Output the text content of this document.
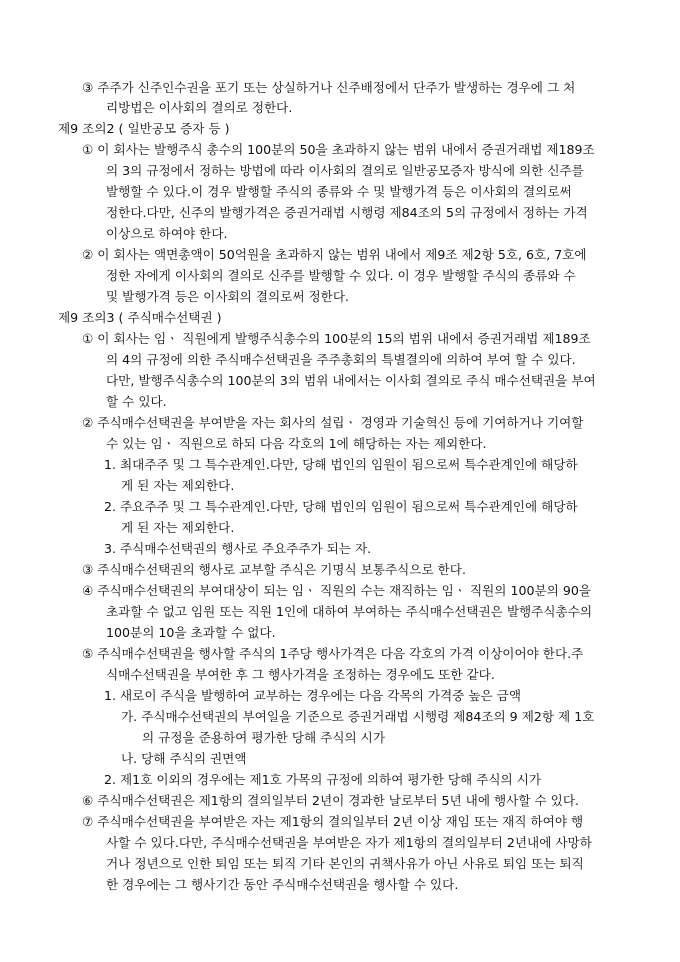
③ 주주가 신주인수권을 포기 또는 상실하거나 신주배정에서 단주가 발생하는 경우에 그 처
리방법은 이사회의 결의로 정한다.
제9 조의2 ( 일반공모 증자 등 )
① 이 회사는 발행주식 총수의 100분의 50을 초과하지 않는 범위 내에서 증권거래법 제189조
의 3의 규정에서 정하는 방법에 따라 이사회의 결의로 일반공모증자 방식에 의한 신주를
발행할 수 있다.이 경우 발행할 주식의 종류와 수 및 발행가격 등은 이사회의 결의로써
정한다.다만, 신주의 발행가격은 증권거래법 시행령 제84조의 5의 규정에서 정하는 가격
이상으로 하여야 한다.
② 이 회사는 액면총액이 50억원을 초과하지 않는 범위 내에서 제9조 제2항 5호, 6호, 7호에
정한 자에게 이사회의 결의로 신주를 발행할 수 있다. 이 경우 발행할 주식의 종류와 수
및 발행가격 등은 이사회의 결의로써 정한다.
제9 조의3 ( 주식매수선택권 )
① 이 회사는 임ㆍ 직원에게 발행주식총수의 100분의 15의 범위 내에서 증권거래법 제189조
의 4의 규정에 의한 주식매수선택권을 주주총회의 특별결의에 의하여 부여 할 수 있다.
다만, 발행주식총수의 100분의 3의 범위 내에서는 이사회 결의로 주식 매수선택권을 부여
할 수 있다.
② 주식매수선택권을 부여받을 자는 회사의 설립ㆍ 경영과 기술혁신 등에 기여하거나 기여할
수 있는 임ㆍ 직원으로 하되 다음 각호의 1에 해당하는 자는 제외한다.
1. 최대주주 및 그 특수관계인.다만, 당해 법인의 임원이 됨으로써 특수관계인에 해당하
게 된 자는 제외한다.
2. 주요주주 및 그 특수관계인.다만, 당해 법인의 임원이 됨으로써 특수관계인에 해당하
게 된 자는 제외한다.
3. 주식매수선택권의 행사로 주요주주가 되는 자.
③ 주식매수선택권의 행사로 교부할 주식은 기명식 보통주식으로 한다.
④ 주식매수선택권의 부여대상이 되는 임ㆍ 직원의 수는 재직하는 임ㆍ 직원의 100분의 90을
초과할 수 없고 임원 또는 직원 1인에 대하여 부여하는 주식매수선택권은 발행주식총수의
100분의 10을 초과할 수 없다.
⑤ 주식매수선택권을 행사할 주식의 1주당 행사가격은 다음 각호의 가격 이상이어야 한다.주
식매수선택권을 부여한 후 그 행사가격을 조정하는 경우에도 또한 같다.
1. 새로이 주식을 발행하여 교부하는 경우에는 다음 각목의 가격중 높은 금액
가. 주식매수선택권의 부여일을 기준으로 증권거래법 시행령 제84조의 9 제2항 제 1호
의 규정을 준용하여 평가한 당해 주식의 시가
나. 당해 주식의 권면액
2. 제1호 이외의 경우에는 제1호 가목의 규정에 의하여 평가한 당해 주식의 시가
⑥ 주식매수선택권은 제1항의 결의일부터 2년이 경과한 날로부터 5년 내에 행사할 수 있다.
⑦ 주식매수선택권을 부여받은 자는 제1항의 결의일부터 2년 이상 재임 또는 재직 하여야 행
사할 수 있다.다만, 주식매수선택권을 부여받은 자가 제1항의 결의일부터 2년내에 사망하
거나 정년으로 인한 퇴임 또는 퇴직 기타 본인의 귀책사유가 아닌 사유로 퇴임 또는 퇴직
한 경우에는 그 행사기간 동안 주식매수선택권을 행사할 수 있다.
